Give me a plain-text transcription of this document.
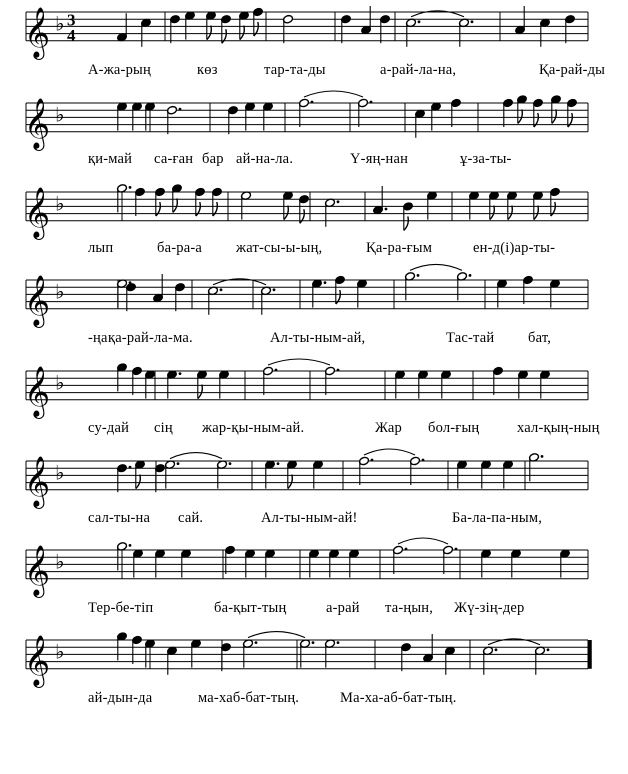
𝄞 ♭ 3
4
𝄞 ♭
𝄞 ♭
𝄞 ♭
𝄞 ♭
𝄞 ♭
𝄞 ♭
𝄞 ♭
А-жа-рың	көз	тар-та-ды	а-рай-ла-на,	Қа-рай-ды
қи-май са-ған бар ай-на-ла.	Ү-яң-нан	ұ-за-ты-
лып	ба-ра-а жат-сы-ы-ың,	Қа-ра-ғым	ен-д(і)ар-ты-
-ңа қа-рай-ла-ма.	Ал-ты-ным-ай,	Тас-тай бат,
су-дай сің жар-қы-ным-ай.	Жар бол-ғың	хал-қың-ның
сал-ты-на сай.	Ал-ты-ным-ай!	Ба-ла-па-ным,
Тер-бе-тіп	ба-қыт-тың	а-рай та-ңын, Жү-зің-дер
ай-дын-да	ма-хаб-бат-тың.	Ма-ха-аб-бат-тың.
